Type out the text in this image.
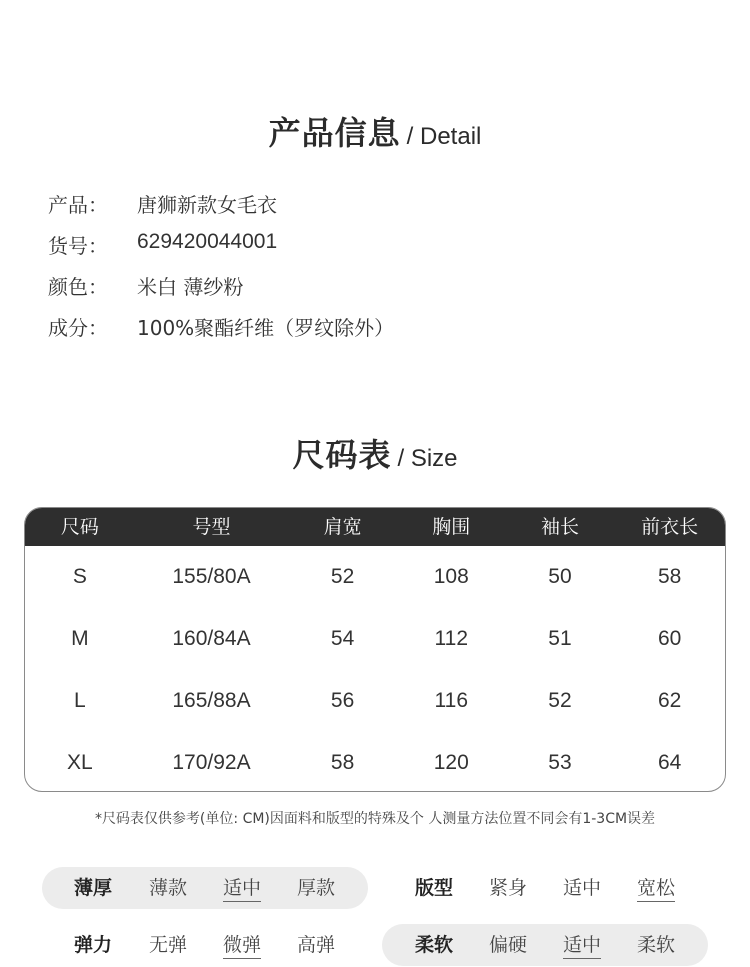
产品信息 / Detail
产品： 唐狮新款女毛衣
货号： 629420044001
颜色： 米白 薄纱粉
成分： 100%聚酯纤维（罗纹除外）
尺码表 / Size
尺码	号型	肩宽	胸围	袖长	前衣长
S	155/80A	52	108	50	58
M	160/84A	54	112	51	60
L	165/88A	56	116	52	62
XL	170/92A	58	120	53	64
*尺码表仅供参考(单位: CM)因面料和版型的特殊及个 人测量方法位置不同会有1-3CM误差
薄厚 薄款 适中 厚款	版型 紧身 适中 宽松
弹力 无弹 微弹 高弹	柔软 偏硬 适中 柔软
